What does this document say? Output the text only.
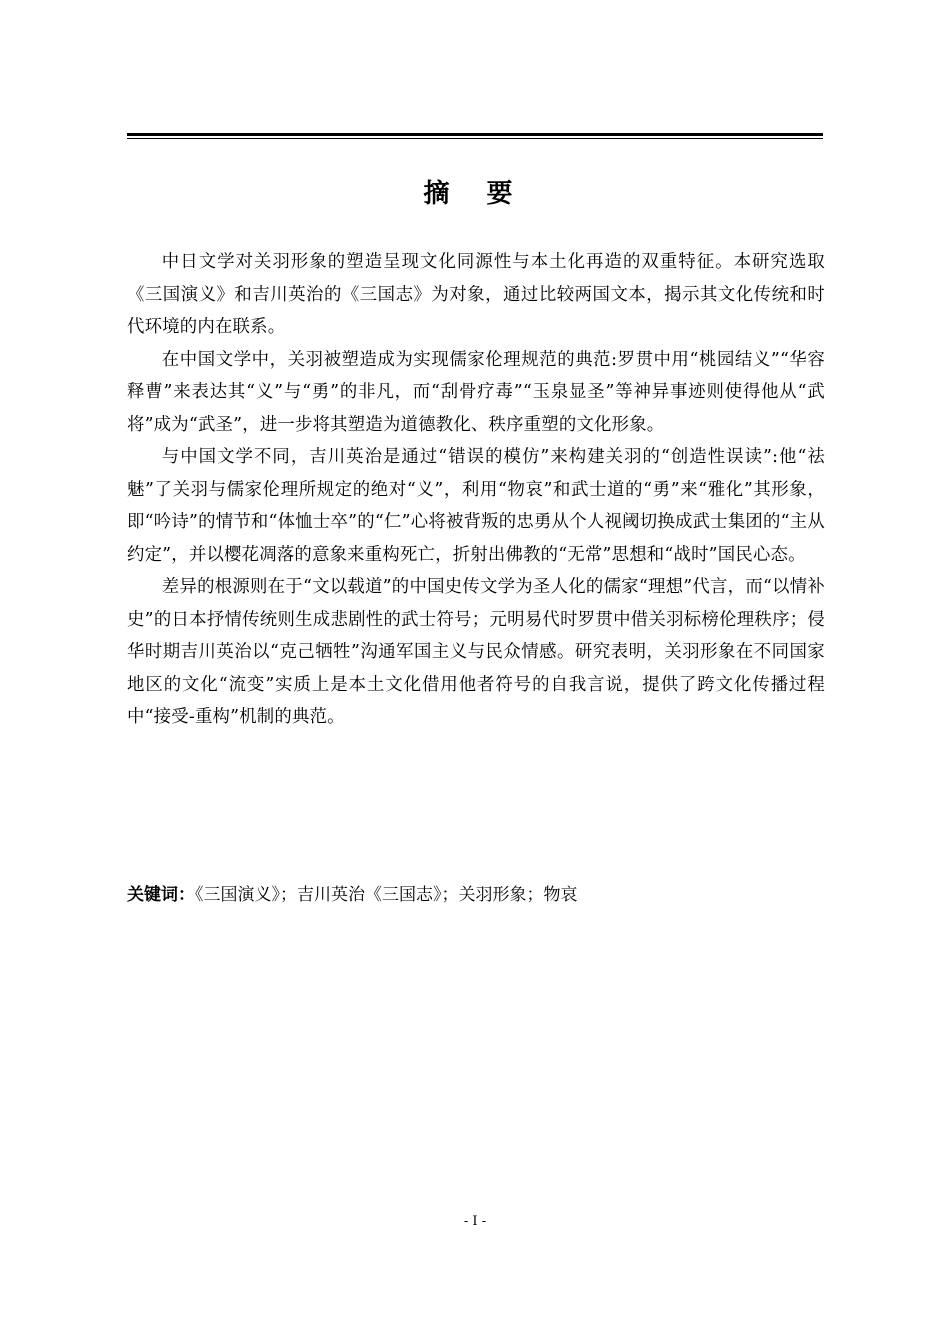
摘 要

中日文学对关羽形象的塑造呈现文化同源性与本土化再造的双重特征。本研究选取《三国演义》和吉川英治的《三国志》为对象，通过比较两国文本，揭示其文化传统和时代环境的内在联系。

在中国文学中，关羽被塑造成为实现儒家伦理规范的典范:罗贯中用“桃园结义”“华容释曹”来表达其“义”与“勇”的非凡，而“刮骨疗毒”“玉泉显圣”等神异事迹则使得他从“武将”成为“武圣”，进一步将其塑造为道德教化、秩序重塑的文化形象。

与中国文学不同，吉川英治是通过“错误的模仿”来构建关羽的“创造性误读”:他“祛魅”了关羽与儒家伦理所规定的绝对“义”，利用“物哀”和武士道的“勇”来“雅化”其形象，即“吟诗”的情节和“体恤士卒”的“仁”心将被背叛的忠勇从个人视阈切换成武士集团的“主从约定”，并以樱花凋落的意象来重构死亡，折射出佛教的“无常”思想和“战时”国民心态。

差异的根源则在于“文以载道”的中国史传文学为圣人化的儒家“理想”代言，而“以情补史”的日本抒情传统则生成悲剧性的武士符号；元明易代时罗贯中借关羽标榜伦理秩序；侵华时期吉川英治以“克己牺牲”沟通军国主义与民众情感。研究表明，关羽形象在不同国家地区的文化“流变”实质上是本土文化借用他者符号的自我言说，提供了跨文化传播过程中“接受-重构”机制的典范。

关键词：《三国演义》；吉川英治《三国志》；关羽形象；物哀
- I -
